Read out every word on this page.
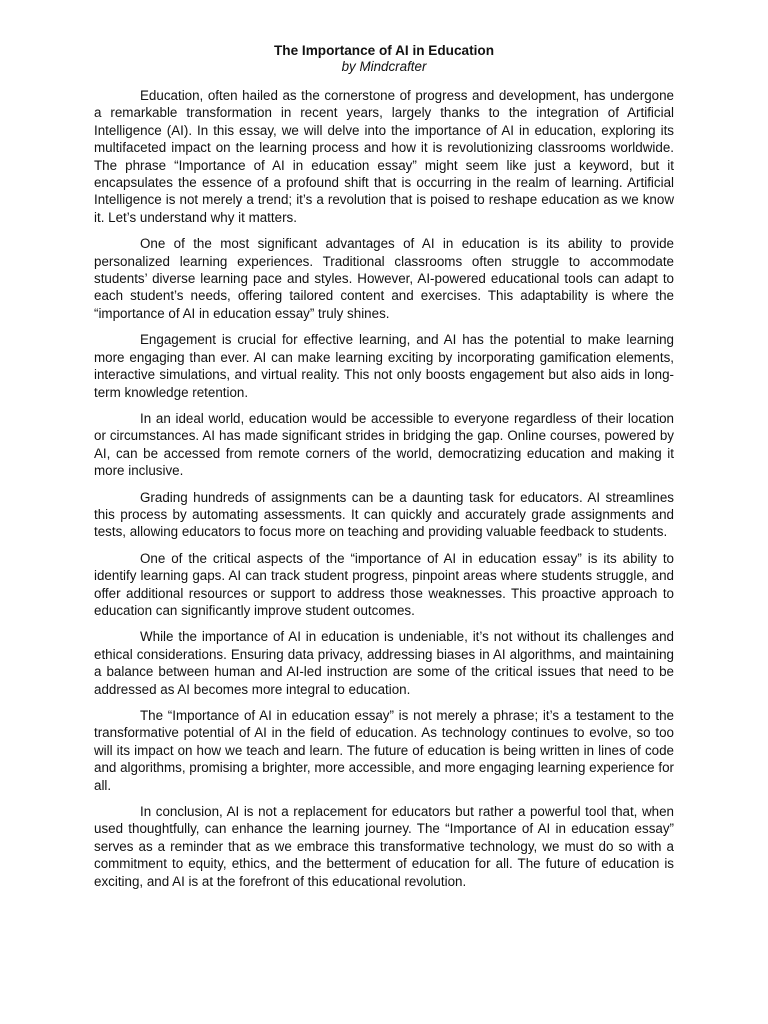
The Importance of AI in Education

by Mindcrafter

Education, often hailed as the cornerstone of progress and development, has undergone a remarkable transformation in recent years, largely thanks to the integration of Artificial Intelligence (AI). In this essay, we will delve into the importance of AI in education, exploring its multifaceted impact on the learning process and how it is revolutionizing classrooms worldwide. The phrase “Importance of AI in education essay” might seem like just a keyword, but it encapsulates the essence of a profound shift that is occurring in the realm of learning. Artificial Intelligence is not merely a trend; it’s a revolution that is poised to reshape education as we know it. Let’s understand why it matters.

One of the most significant advantages of AI in education is its ability to provide personalized learning experiences. Traditional classrooms often struggle to accommodate students’ diverse learning pace and styles. However, AI-powered educational tools can adapt to each student’s needs, offering tailored content and exercises. This adaptability is where the “importance of AI in education essay” truly shines.

Engagement is crucial for effective learning, and AI has the potential to make learning more engaging than ever. AI can make learning exciting by incorporating gamification elements, interactive simulations, and virtual reality. This not only boosts engagement but also aids in long-term knowledge retention.

In an ideal world, education would be accessible to everyone regardless of their location or circumstances. AI has made significant strides in bridging the gap. Online courses, powered by AI, can be accessed from remote corners of the world, democratizing education and making it more inclusive.

Grading hundreds of assignments can be a daunting task for educators. AI streamlines this process by automating assessments. It can quickly and accurately grade assignments and tests, allowing educators to focus more on teaching and providing valuable feedback to students.

One of the critical aspects of the “importance of AI in education essay” is its ability to identify learning gaps. AI can track student progress, pinpoint areas where students struggle, and offer additional resources or support to address those weaknesses. This proactive approach to education can significantly improve student outcomes.

While the importance of AI in education is undeniable, it’s not without its challenges and ethical considerations. Ensuring data privacy, addressing biases in AI algorithms, and maintaining a balance between human and AI-led instruction are some of the critical issues that need to be addressed as AI becomes more integral to education.

The “Importance of AI in education essay” is not merely a phrase; it’s a testament to the transformative potential of AI in the field of education. As technology continues to evolve, so too will its impact on how we teach and learn. The future of education is being written in lines of code and algorithms, promising a brighter, more accessible, and more engaging learning experience for all.

In conclusion, AI is not a replacement for educators but rather a powerful tool that, when used thoughtfully, can enhance the learning journey. The “Importance of AI in education essay” serves as a reminder that as we embrace this transformative technology, we must do so with a commitment to equity, ethics, and the betterment of education for all. The future of education is exciting, and AI is at the forefront of this educational revolution.
